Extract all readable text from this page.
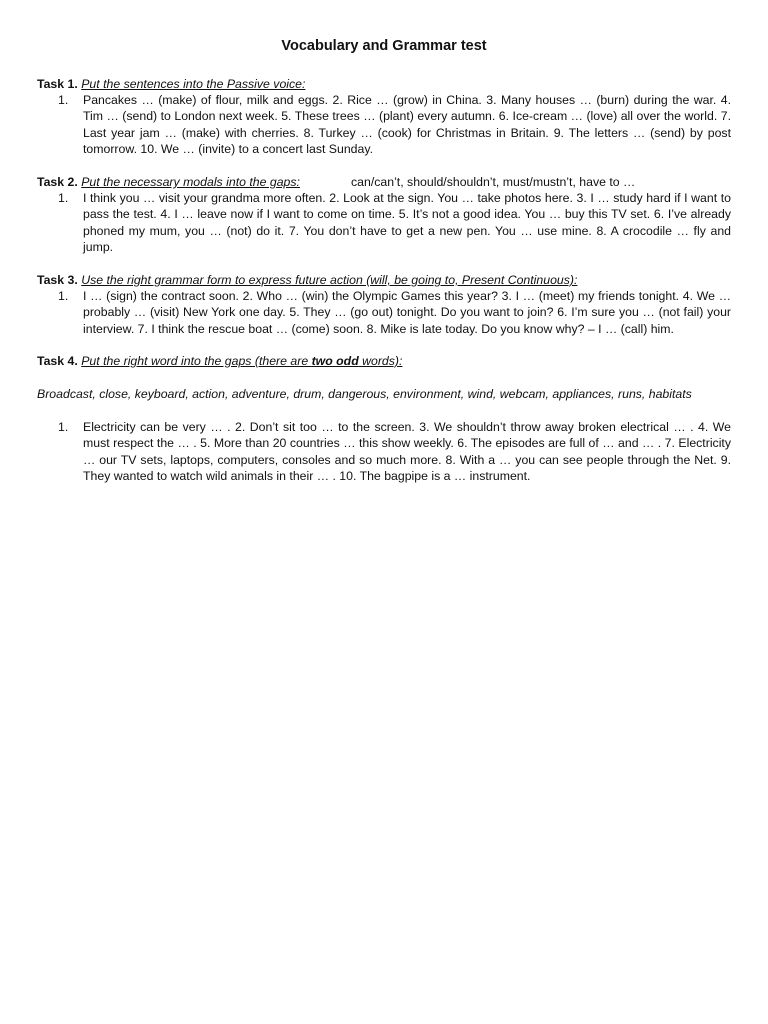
Vocabulary and Grammar test
Task 1. Put the sentences into the Passive voice:
1.	Pancakes … (make) of flour, milk and eggs. 2. Rice … (grow) in China. 3. Many houses … (burn) during the war. 4. Tim … (send) to London next week. 5. These trees … (plant) every autumn. 6. Ice-cream … (love) all over the world. 7. Last year jam … (make) with cherries. 8. Turkey … (cook) for Christmas in Britain. 9. The letters … (send) by post tomorrow. 10. We … (invite) to a concert last Sunday.
Task 2. Put the necessary modals into the gaps:	can/can’t, should/shouldn’t, must/mustn’t, have to …
1.	I think you … visit your grandma more often. 2. Look at the sign. You … take photos here. 3. I … study hard if I want to pass the test. 4. I … leave now if I want to come on time. 5. It’s not a good idea. You … buy this TV set. 6. I’ve already phoned my mum, you … (not) do it. 7. You don’t have to get a new pen. You … use mine. 8. A crocodile … fly and jump.
Task 3. Use the right grammar form to express future action (will, be going to, Present Continuous):
1.	I … (sign) the contract soon. 2. Who … (win) the Olympic Games this year? 3. I … (meet) my friends tonight. 4. We … probably … (visit) New York one day. 5. They … (go out) tonight. Do you want to join? 6. I’m sure you … (not fail) your interview. 7. I think the rescue boat … (come) soon. 8. Mike is late today. Do you know why? – I … (call) him.
Task 4. Put the right word into the gaps (there are two odd words):
Broadcast, close, keyboard, action, adventure, drum, dangerous, environment, wind, webcam, appliances, runs, habitats
1.	Electricity can be very … . 2. Don’t sit too … to the screen. 3. We shouldn’t throw away broken electrical … . 4. We must respect the … . 5. More than 20 countries … this show weekly. 6. The episodes are full of … and … . 7. Electricity … our TV sets, laptops, computers, consoles and so much more. 8. With a … you can see people through the Net. 9. They wanted to watch wild animals in their … . 10. The bagpipe is a … instrument.
